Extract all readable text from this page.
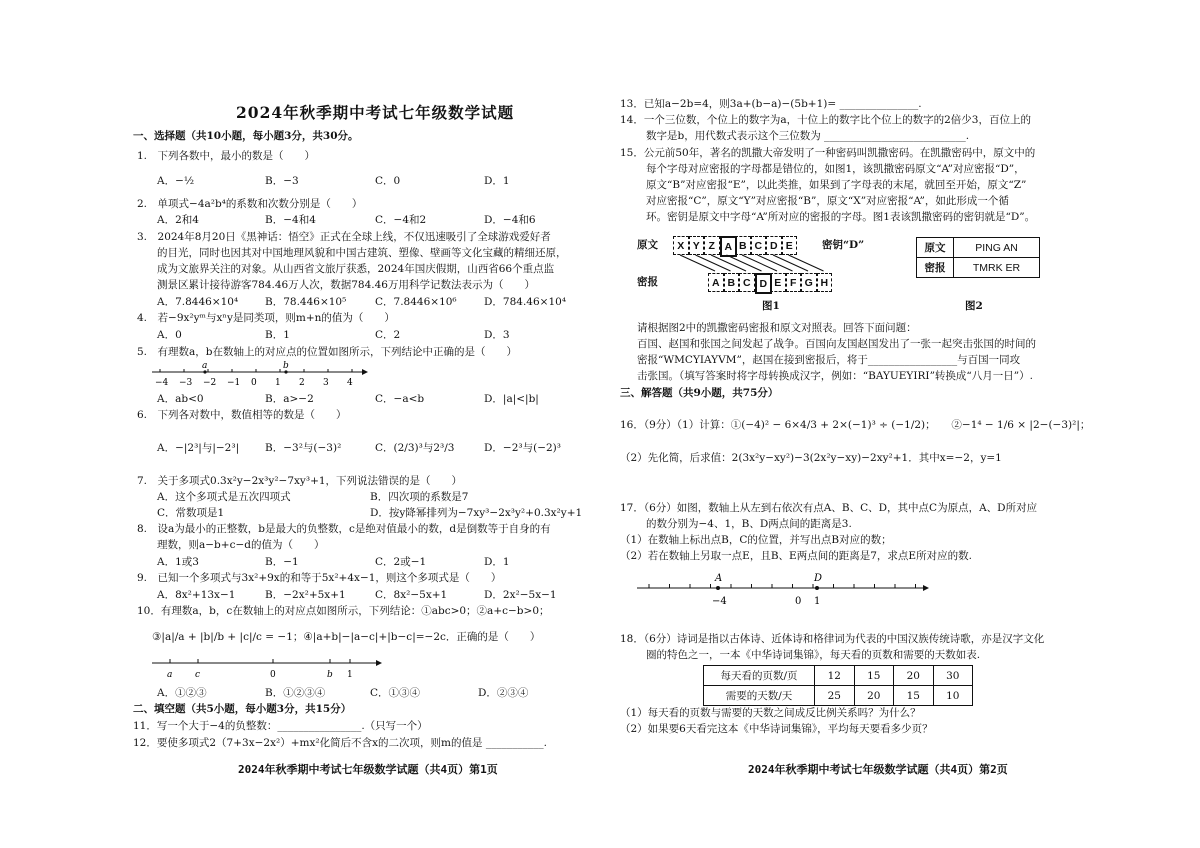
2024年秋季期中考试七年级数学试题
一、选择题（共10小题，每小题3分，共30分。
1.　下列各数中，最小的数是（　　）
A．−½	B．−3	C．0	D．1
2.　单项式−4a²b⁴的系数和次数分别是（　　）
A．2和4	B．−4和4	C．−4和2	D．−4和6
3.　2024年8月20日《黑神话：悟空》正式在全球上线，不仅迅速吸引了全球游戏爱好者
的目光，同时也因其对中国地理风貌和中国古建筑、塑像、壁画等文化宝藏的精细还原，
成为文旅界关注的对象。从山西省文旅厅获悉，2024年国庆假期，山西省66个重点监
测景区累计接待游客784.46万人次，数据784.46万用科学记数法表示为（　　）
A．7.8446×10⁴	B．78.446×10⁵	C．7.8446×10⁶	D．784.46×10⁴
4.　若−9x²yᵐ与xⁿy是同类项，则m+n的值为（　　）
A．0	B．1	C．2	D．3
5.　有理数a，b在数轴上的对应点的位置如图所示，下列结论中正确的是（　　）
−4 −3 −2 −1 0 1 2 3 4
a	b
A．ab<0	B．a>−2	C．−a<b	D．|a|<|b|
6.　下列各对数中，数值相等的数是（　　）
A．−|2³|与|−2³| B．−3²与(−3)²	C．(2/3)³与2³/3	D．−2³与(−2)³
7.　关于多项式0.3x²y−2x³y²−7xy³+1，下列说法错误的是（　　）
A．这个多项式是五次四项式	B．四次项的系数是7
C．常数项是1	D．按y降幂排列为−7xy³−2x³y²+0.3x²y+1
8.　设a为最小的正整数，b是最大的负整数，c是绝对值最小的数，d是倒数等于自身的有
理数，则a−b+c−d的值为（　　）
A．1或3	B．−1	C．2或−1	D．1
9.　已知一个多项式与3x²+9x的和等于5x²+4x−1，则这个多项式是（　　）
A．8x²+13x−1	B．−2x²+5x+1	C．8x²−5x+1	D．2x²−5x−1
10．有理数a，b，c在数轴上的对应点如图所示，下列结论：①abc>0；②a+c−b>0；
③|a|/a + |b|/b + |c|/c = −1；④|a+b|−|a−c|+|b−c|=−2c．正确的是（　　）
a	c	0	b 1
A．①②③	B．①②③④	C．①③④	D．②③④
二、填空题（共5小题，每小题3分，共15分）
11．写一个大于−4的负整数：________________.（只写一个）
12．要使多项式2（7+3x−2x²）+mx²化简后不含x的二次项，则m的值是 ___________.
2024年秋季期中考试七年级数学试题（共4页）第1页
13．已知a−2b=4，则3a+(b−a)−(5b+1)= _______________.
14．一个三位数，个位上的数字为a，十位上的数字比个位上的数字的2倍少3，百位上的
数字是b，用代数式表示这个三位数为 ___________________________.
15．公元前50年，著名的凯撒大帝发明了一种密码叫凯撒密码。在凯撒密码中，原文中的
每个字母对应密报的字母都是错位的，如图1，该凯撒密码原文“A”对应密报“D”，
原文“B”对应密报“E”，以此类推，如果到了字母表的末尾，就回至开始，原文“Z”
对应密报“C”，原文“Y”对应密报“B”，原文“X”对应密报“A”，如此形成一个循
环。密钥是原文中字母“A”所对应的密报的字母。图1表该凯撒密码的密钥就是“D”。
原文	X Y Z A B C D E	密钥“D”
密报	A B C D E F G H
图1
原文	PING AN
密报	TMRK ER
图2
请根据图2中的凯撒密码密报和原文对照表。回答下面问题：
百国、赵国和张国之间发起了战争。百国向友国赵国发出了一张一起突击张国的时间的
密报“WMCYIAYVM”，赵国在接到密报后，将于_________________与百国一同攻
击张国。（填写答案时将字母转换成汉字，例如：“BAYUEYIRI”转换成“八月一日”）.
三、解答题（共9小题，共75分）
16．（9分）（1）计算：①(−4)² − 6×4/3 + 2×(−1)³ ÷ (−1/2)；　　②−1⁴ − 1/6 × |2−(−3)²|；
（2）先化简，后求值：2(3x²y−xy²)−3(2x²y−xy)−2xy²+1．其中x=−2，y=1
17．（6分）如图，数轴上从左到右依次有点A、B、C、D，其中点C为原点，A、D所对应
的数分别为−4、1，B、D两点间的距离是3.
（1）在数轴上标出点B，C的位置，并写出点B对应的数；
（2）若在数轴上另取一点E，且B、E两点间的距离是7，求点E所对应的数.
A	D
−4	0 1
18．（6分）诗词是指以古体诗、近体诗和格律词为代表的中国汉族传统诗歌，亦是汉字文化
圈的特色之一，一本《中华诗词集锦》，每天看的页数和需要的天数如表.
每天看的页数/页	12	15	20	30
需要的天数/天	25	20	15	10
（1）每天看的页数与需要的天数之间成反比例关系吗？为什么？
（2）如果要6天看完这本《中华诗词集锦》，平均每天要看多少页？
2024年秋季期中考试七年级数学试题（共4页）第2页
